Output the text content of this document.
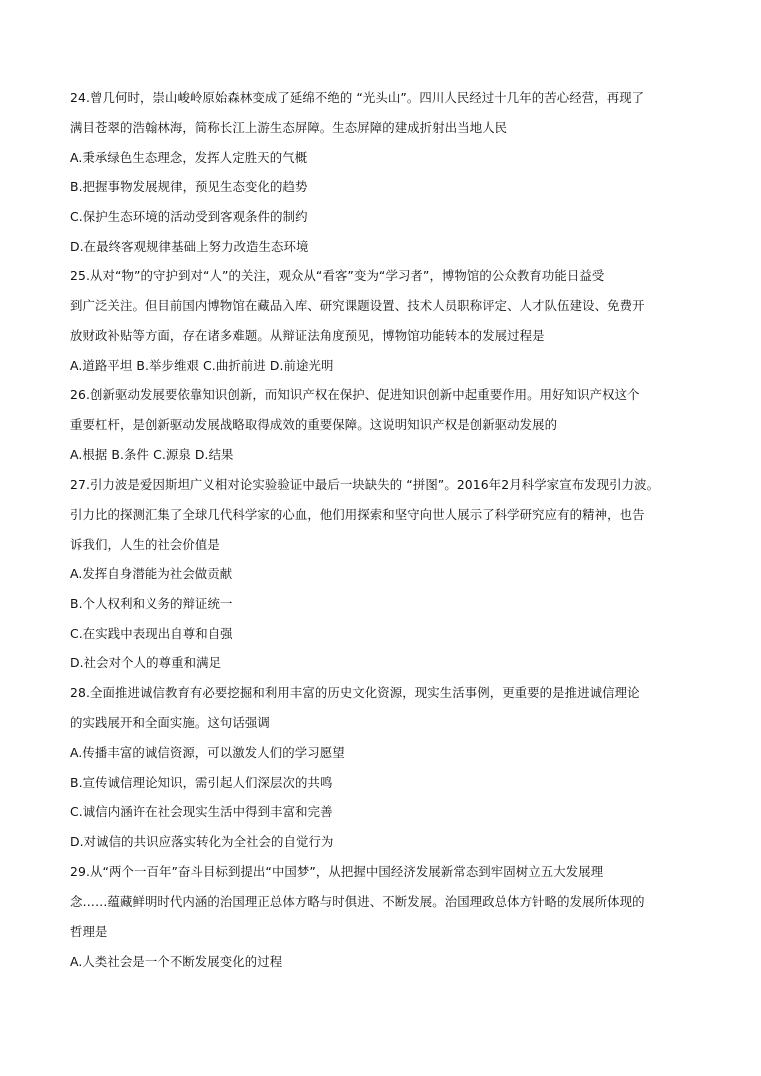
24.曾几何时，崇山峻岭原始森林变成了延绵不绝的 “光头山”。四川人民经过十几年的苦心经营，再现了
满目苍翠的浩翰林海，简称长江上游生态屏障。生态屏障的建成折射出当地人民
A.秉承绿色生态理念，发挥人定胜天的气概
B.把握事物发展规律，预见生态变化的趋势
C.保护生态环境的活动受到客观条件的制约
D.在最终客观规律基础上努力改造生态环境
25.从对“物”的守护到对“人”的关注，观众从“看客”变为“学习者”，博物馆的公众教育功能日益受
到广泛关注。但目前国内博物馆在藏品入库、研究课题设置、技术人员职称评定、人才队伍建设、免费开
放财政补贴等方面，存在诸多难题。从辩证法角度预见，博物馆功能转本的发展过程是
A.道路平坦 B.举步维艰 C.曲折前进 D.前途光明
26.创新驱动发展要依靠知识创新，而知识产权在保护、促进知识创新中起重要作用。用好知识产权这个
重要杠杆，是创新驱动发展战略取得成效的重要保障。这说明知识产权是创新驱动发展的
A.根据 B.条件 C.源泉 D.结果
27.引力波是爱因斯坦广义相对论实验验证中最后一块缺失的 “拼图”。2016年2月科学家宣布发现引力波。
引力比的探测汇集了全球几代科学家的心血，他们用探索和坚守向世人展示了科学研究应有的精神，也告
诉我们，人生的社会价值是
A.发挥自身潜能为社会做贡献
B.个人权利和义务的辩证统一
C.在实践中表现出自尊和自强
D.社会对个人的尊重和满足
28.全面推进诚信教育有必要挖掘和利用丰富的历史文化资源，现实生活事例，更重要的是推进诚信理论
的实践展开和全面实施。这句话强调
A.传播丰富的诚信资源，可以激发人们的学习愿望
B.宣传诚信理论知识，需引起人们深层次的共鸣
C.诚信内涵许在社会现实生活中得到丰富和完善
D.对诚信的共识应落实转化为全社会的自觉行为
29.从“两个一百年”奋斗目标到提出“中国梦”，从把握中国经济发展新常态到牢固树立五大发展理
念……蕴藏鲜明时代内涵的治国理正总体方略与时俱进、不断发展。治国理政总体方针略的发展所体现的
哲理是
A.人类社会是一个不断发展变化的过程
